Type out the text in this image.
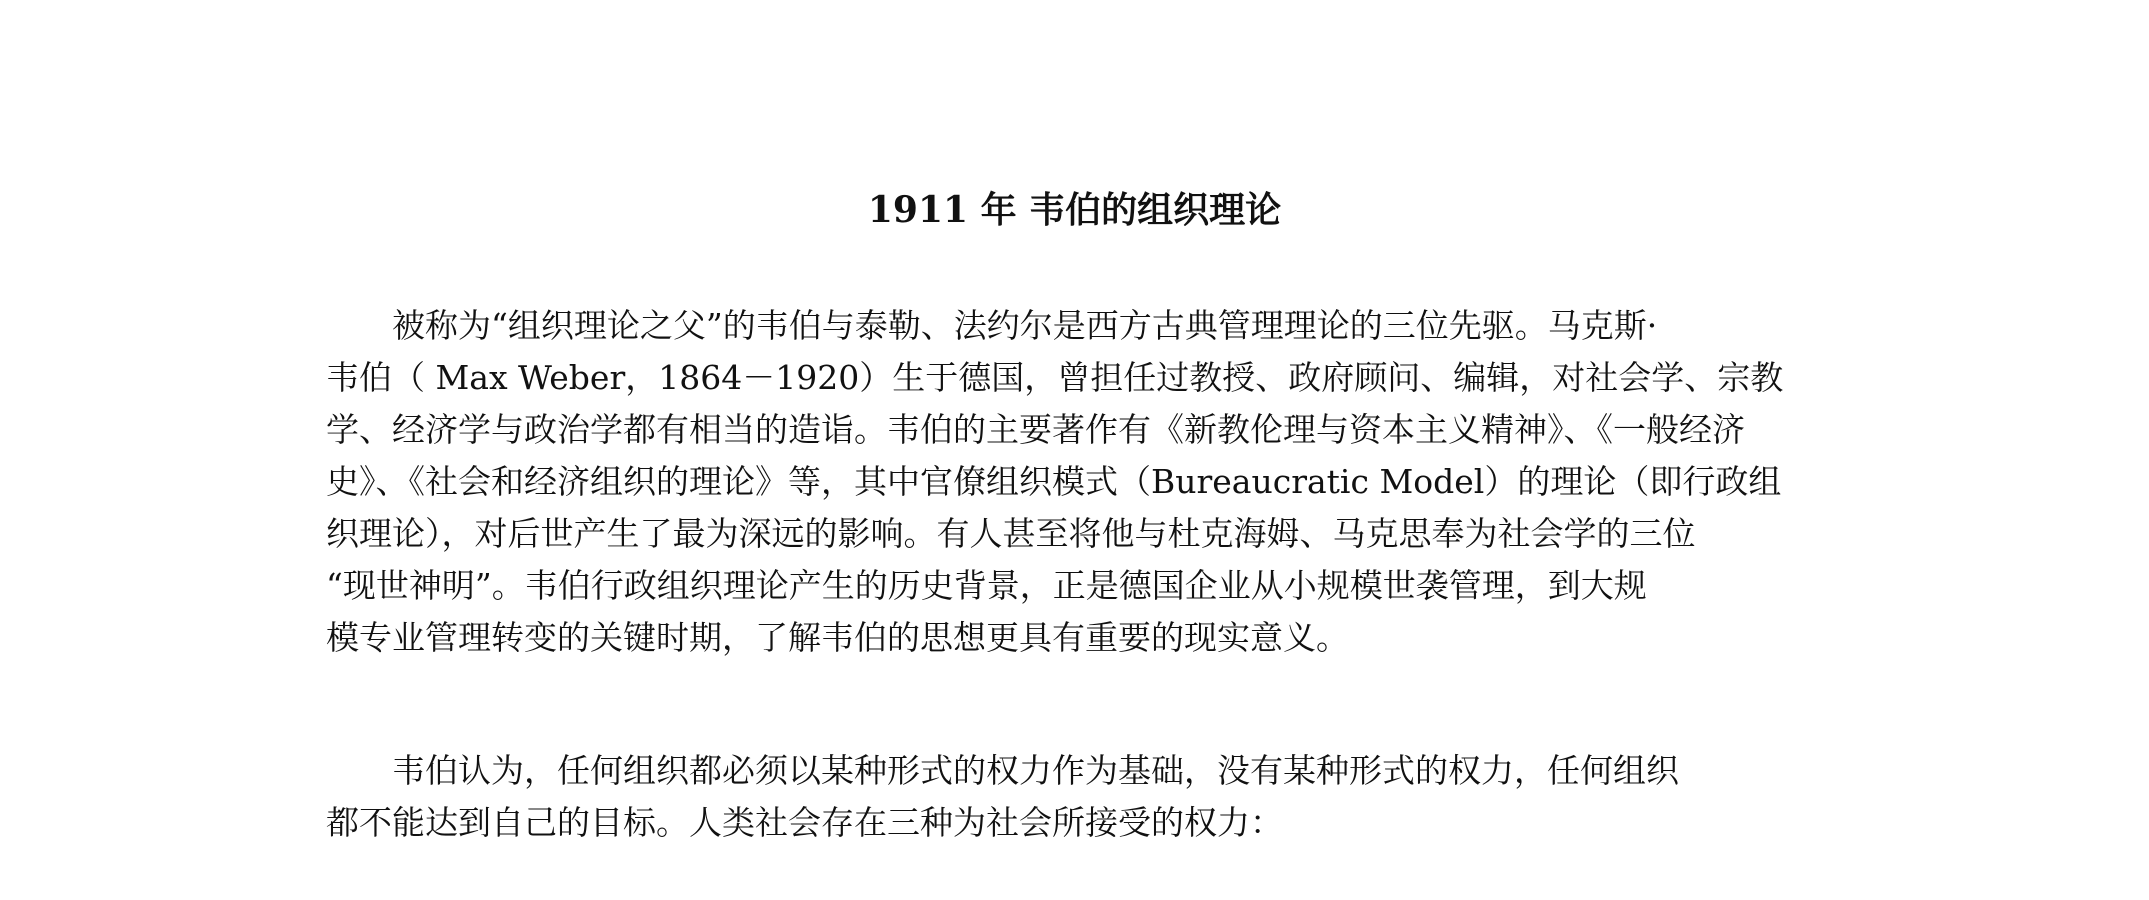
1911 年 韦伯的组织理论
　　被称为“组织理论之父”的韦伯与泰勒、法约尔是西方古典管理理论的三位先驱。马克斯·
韦伯（ Max Weber，1864－1920）生于德国，曾担任过教授、政府顾问、编辑，对社会学、宗教
学、经济学与政治学都有相当的造诣。韦伯的主要著作有《新教伦理与资本主义精神》、《一般经济
史》、《社会和经济组织的理论》等，其中官僚组织模式（Bureaucratic Model）的理论（即行政组
织理论），对后世产生了最为深远的影响。有人甚至将他与杜克海姆、马克思奉为社会学的三位
“现世神明”。韦伯行政组织理论产生的历史背景，正是德国企业从小规模世袭管理，到大规
模专业管理转变的关键时期，了解韦伯的思想更具有重要的现实意义。
　　韦伯认为，任何组织都必须以某种形式的权力作为基础，没有某种形式的权力，任何组织
都不能达到自己的目标。人类社会存在三种为社会所接受的权力：
